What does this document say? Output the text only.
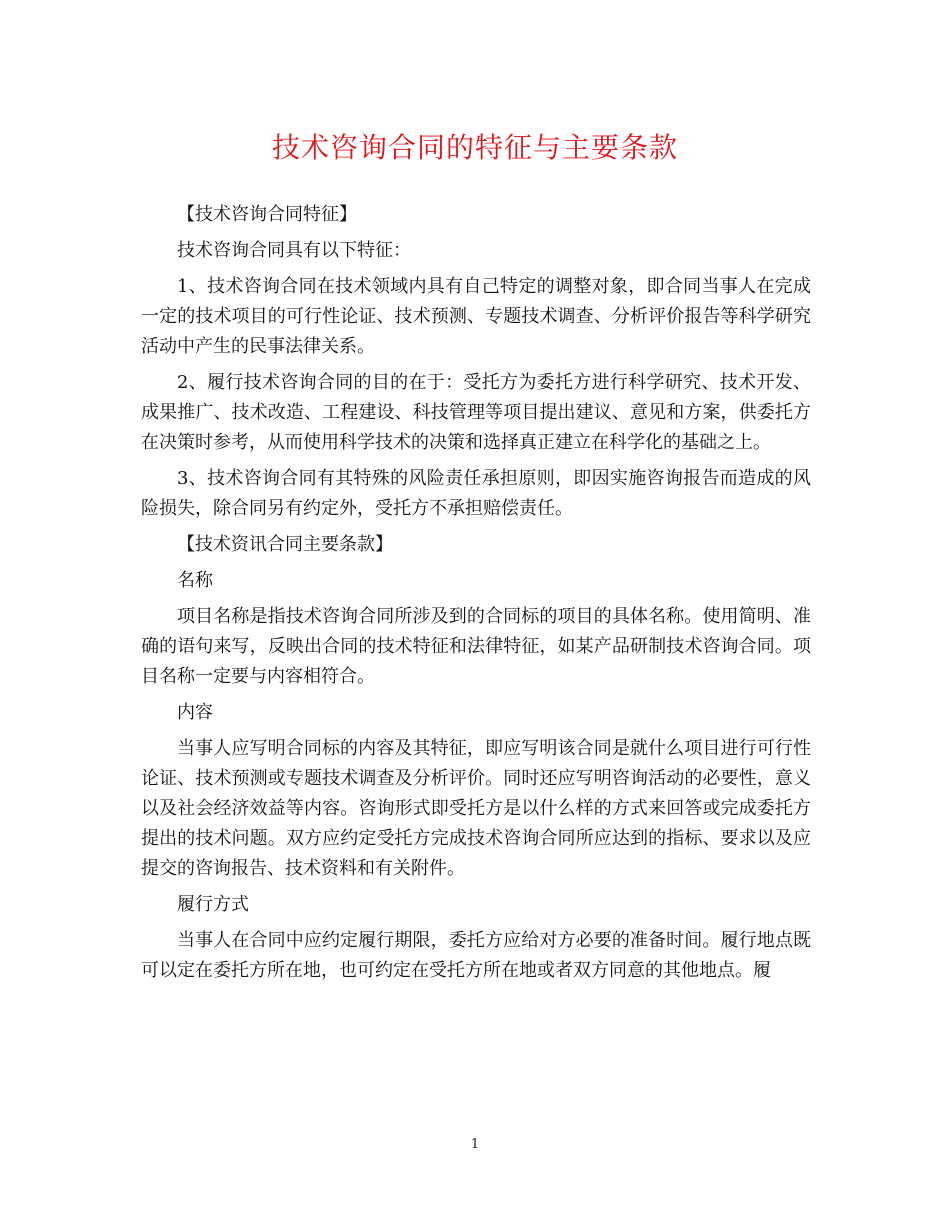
技术咨询合同的特征与主要条款

【技术咨询合同特征】

技术咨询合同具有以下特征：

1、技术咨询合同在技术领域内具有自己特定的调整对象，即合同当事人在完成一定的技术项目的可行性论证、技术预测、专题技术调查、分析评价报告等科学研究活动中产生的民事法律关系。

2、履行技术咨询合同的目的在于：受托方为委托方进行科学研究、技术开发、成果推广、技术改造、工程建设、科技管理等项目提出建议、意见和方案，供委托方在决策时参考，从而使用科学技术的决策和选择真正建立在科学化的基础之上。

3、技术咨询合同有其特殊的风险责任承担原则，即因实施咨询报告而造成的风险损失，除合同另有约定外，受托方不承担赔偿责任。

【技术资讯合同主要条款】

名称

项目名称是指技术咨询合同所涉及到的合同标的项目的具体名称。使用简明、准确的语句来写，反映出合同的技术特征和法律特征，如某产品研制技术咨询合同。项目名称一定要与内容相符合。

内容

当事人应写明合同标的内容及其特征，即应写明该合同是就什么项目进行可行性论证、技术预测或专题技术调查及分析评价。同时还应写明咨询活动的必要性，意义以及社会经济效益等内容。咨询形式即受托方是以什么样的方式来回答或完成委托方提出的技术问题。双方应约定受托方完成技术咨询合同所应达到的指标、要求以及应提交的咨询报告、技术资料和有关附件。

履行方式

当事人在合同中应约定履行期限，委托方应给对方必要的准备时间。履行地点既可以定在委托方所在地，也可约定在受托方所在地或者双方同意的其他地点。履

1
